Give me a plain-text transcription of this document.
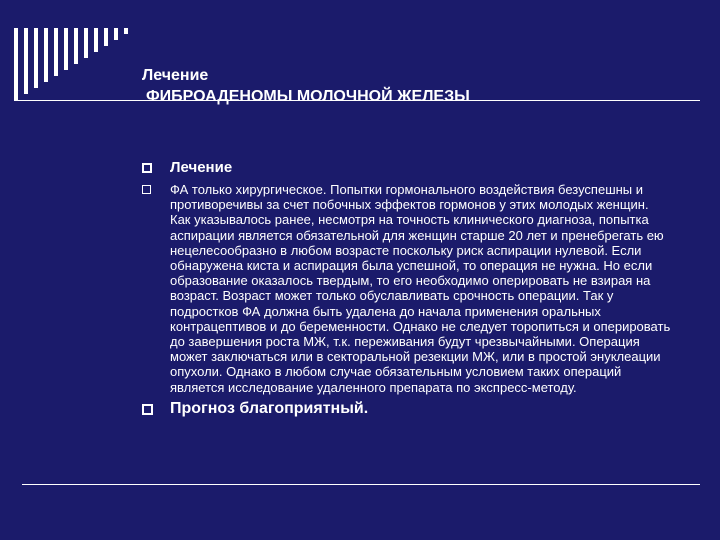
Лечение
ФИБРОАДЕНОМЫ МОЛОЧНОЙ ЖЕЛЕЗЫ
Лечение
ФА только хирургическое. Попытки гормонального воздействия безуспешны и противоречивы за счет побочных эффектов гормонов у этих молодых женщин. Как указывалось ранее, несмотря на точность клинического диагноза, попытка аспирации является обязательной для женщин старше 20 лет и пренебрегать ею нецелесообразно в любом возрасте поскольку риск аспирации нулевой. Если обнаружена киста и аспирация была успешной, то операция не нужна. Но если образование оказалось твердым, то его необходимо оперировать не взирая на возраст. Возраст может только обуславливать срочность операции. Так у подростков ФА должна быть удалена до начала применения оральных контрацептивов и до беременности. Однако не следует торопиться и оперировать до завершения роста МЖ, т.к. переживания будут чрезвычайными. Операция может заключаться или в секторальной резекции МЖ, или в простой энуклеации опухоли. Однако в любом случае обязательным условием таких операций является исследование удаленного препарата по экспресс-методу.
Прогноз благоприятный.
